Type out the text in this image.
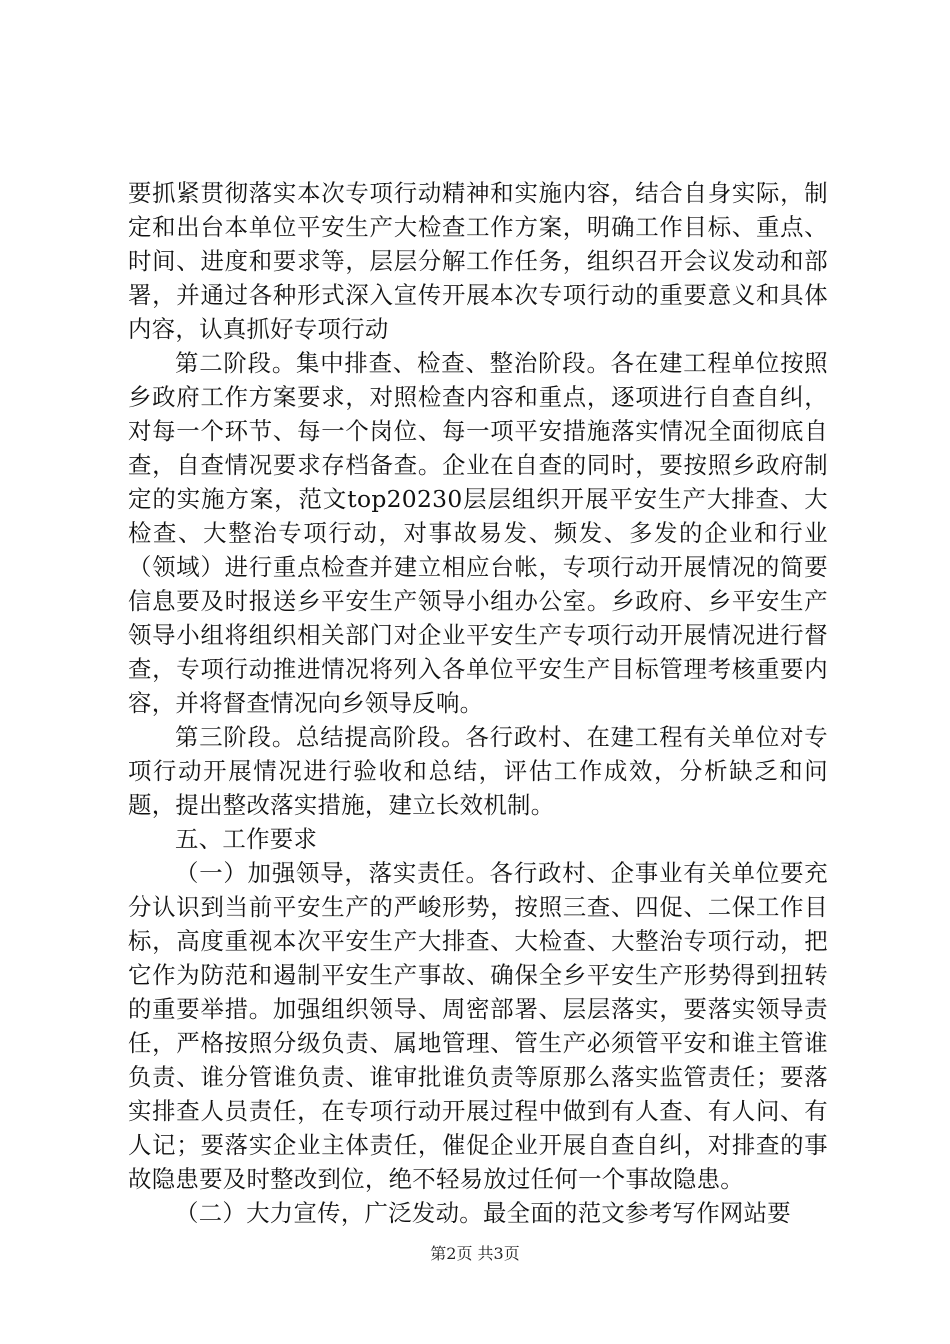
要抓紧贯彻落实本次专项行动精神和实施内容，结合自身实际，制定和出台本单位平安生产大检查工作方案，明确工作目标、重点、时间、进度和要求等，层层分解工作任务，组织召开会议发动和部署，并通过各种形式深入宣传开展本次专项行动的重要意义和具体内容，认真抓好专项行动

第二阶段。集中排查、检查、整治阶段。各在建工程单位按照乡政府工作方案要求，对照检查内容和重点，逐项进行自查自纠，对每一个环节、每一个岗位、每一项平安措施落实情况全面彻底自查，自查情况要求存档备查。企业在自查的同时，要按照乡政府制定的实施方案，范文top20230层层组织开展平安生产大排查、大检查、大整治专项行动，对事故易发、频发、多发的企业和行业（领域）进行重点检查并建立相应台帐，专项行动开展情况的简要信息要及时报送乡平安生产领导小组办公室。乡政府、乡平安生产领导小组将组织相关部门对企业平安生产专项行动开展情况进行督查，专项行动推进情况将列入各单位平安生产目标管理考核重要内容，并将督查情况向乡领导反响。

第三阶段。总结提高阶段。各行政村、在建工程有关单位对专项行动开展情况进行验收和总结，评估工作成效，分析缺乏和问题，提出整改落实措施，建立长效机制。

五、工作要求

（一）加强领导，落实责任。各行政村、企事业有关单位要充分认识到当前平安生产的严峻形势，按照三查、四促、二保工作目标，高度重视本次平安生产大排查、大检查、大整治专项行动，把它作为防范和遏制平安生产事故、确保全乡平安生产形势得到扭转的重要举措。加强组织领导、周密部署、层层落实，要落实领导责任，严格按照分级负责、属地管理、管生产必须管平安和谁主管谁负责、谁分管谁负责、谁审批谁负责等原那么落实监管责任；要落实排查人员责任，在专项行动开展过程中做到有人查、有人问、有人记；要落实企业主体责任，催促企业开展自查自纠，对排查的事故隐患要及时整改到位，绝不轻易放过任何一个事故隐患。

（二）大力宣传，广泛发动。最全面的范文参考写作网站要

第2页 共3页
